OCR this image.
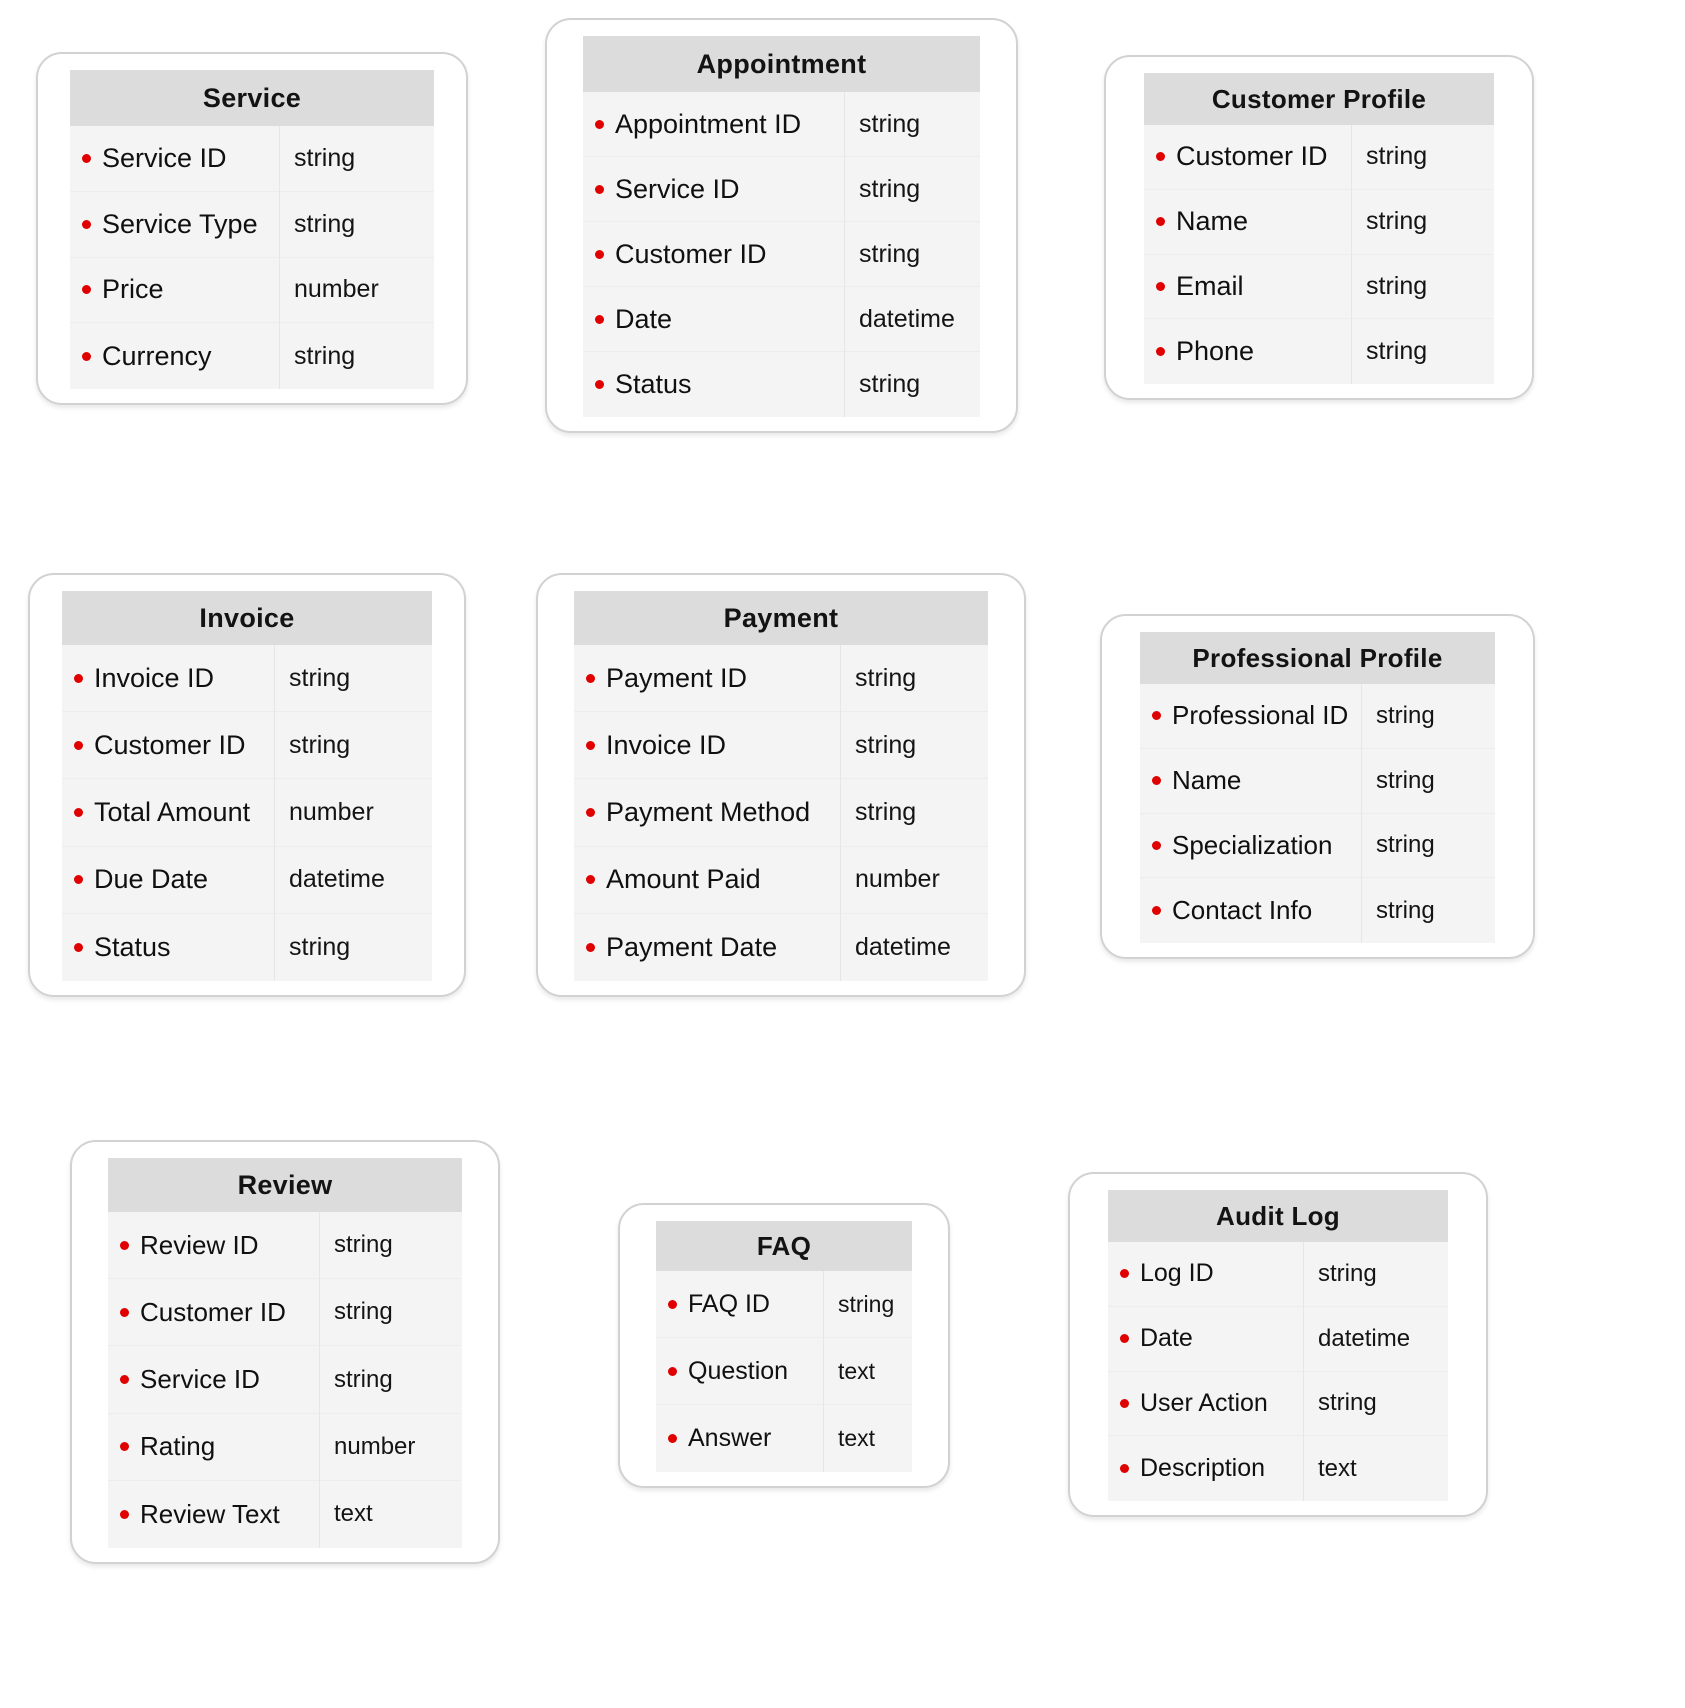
Service
Service ID	string
Service Type string
Price	number
Currency	string
Appointment
Appointment ID string
Service ID	string
Customer ID	string
Date	datetime
Status	string
Customer Profile
Customer ID string
Name	string
Email	string
Phone	string
Invoice
Invoice ID	string
Customer ID string
Total Amount number
Due Date	datetime
Status	string
Payment
Payment ID	string
Invoice ID	string
Payment Method string
Amount Paid	number
Payment Date	datetime
Professional Profile
Professional ID string
Name	string
Specialization string
Contact Info	string
Review
Review ID	string
Customer ID string
Service ID	string
Rating	number
Review Text text
FAQ
FAQ ID	string
Question text
Answer	text
Audit Log
Log ID	string
Date	datetime
User Action string
Description text
